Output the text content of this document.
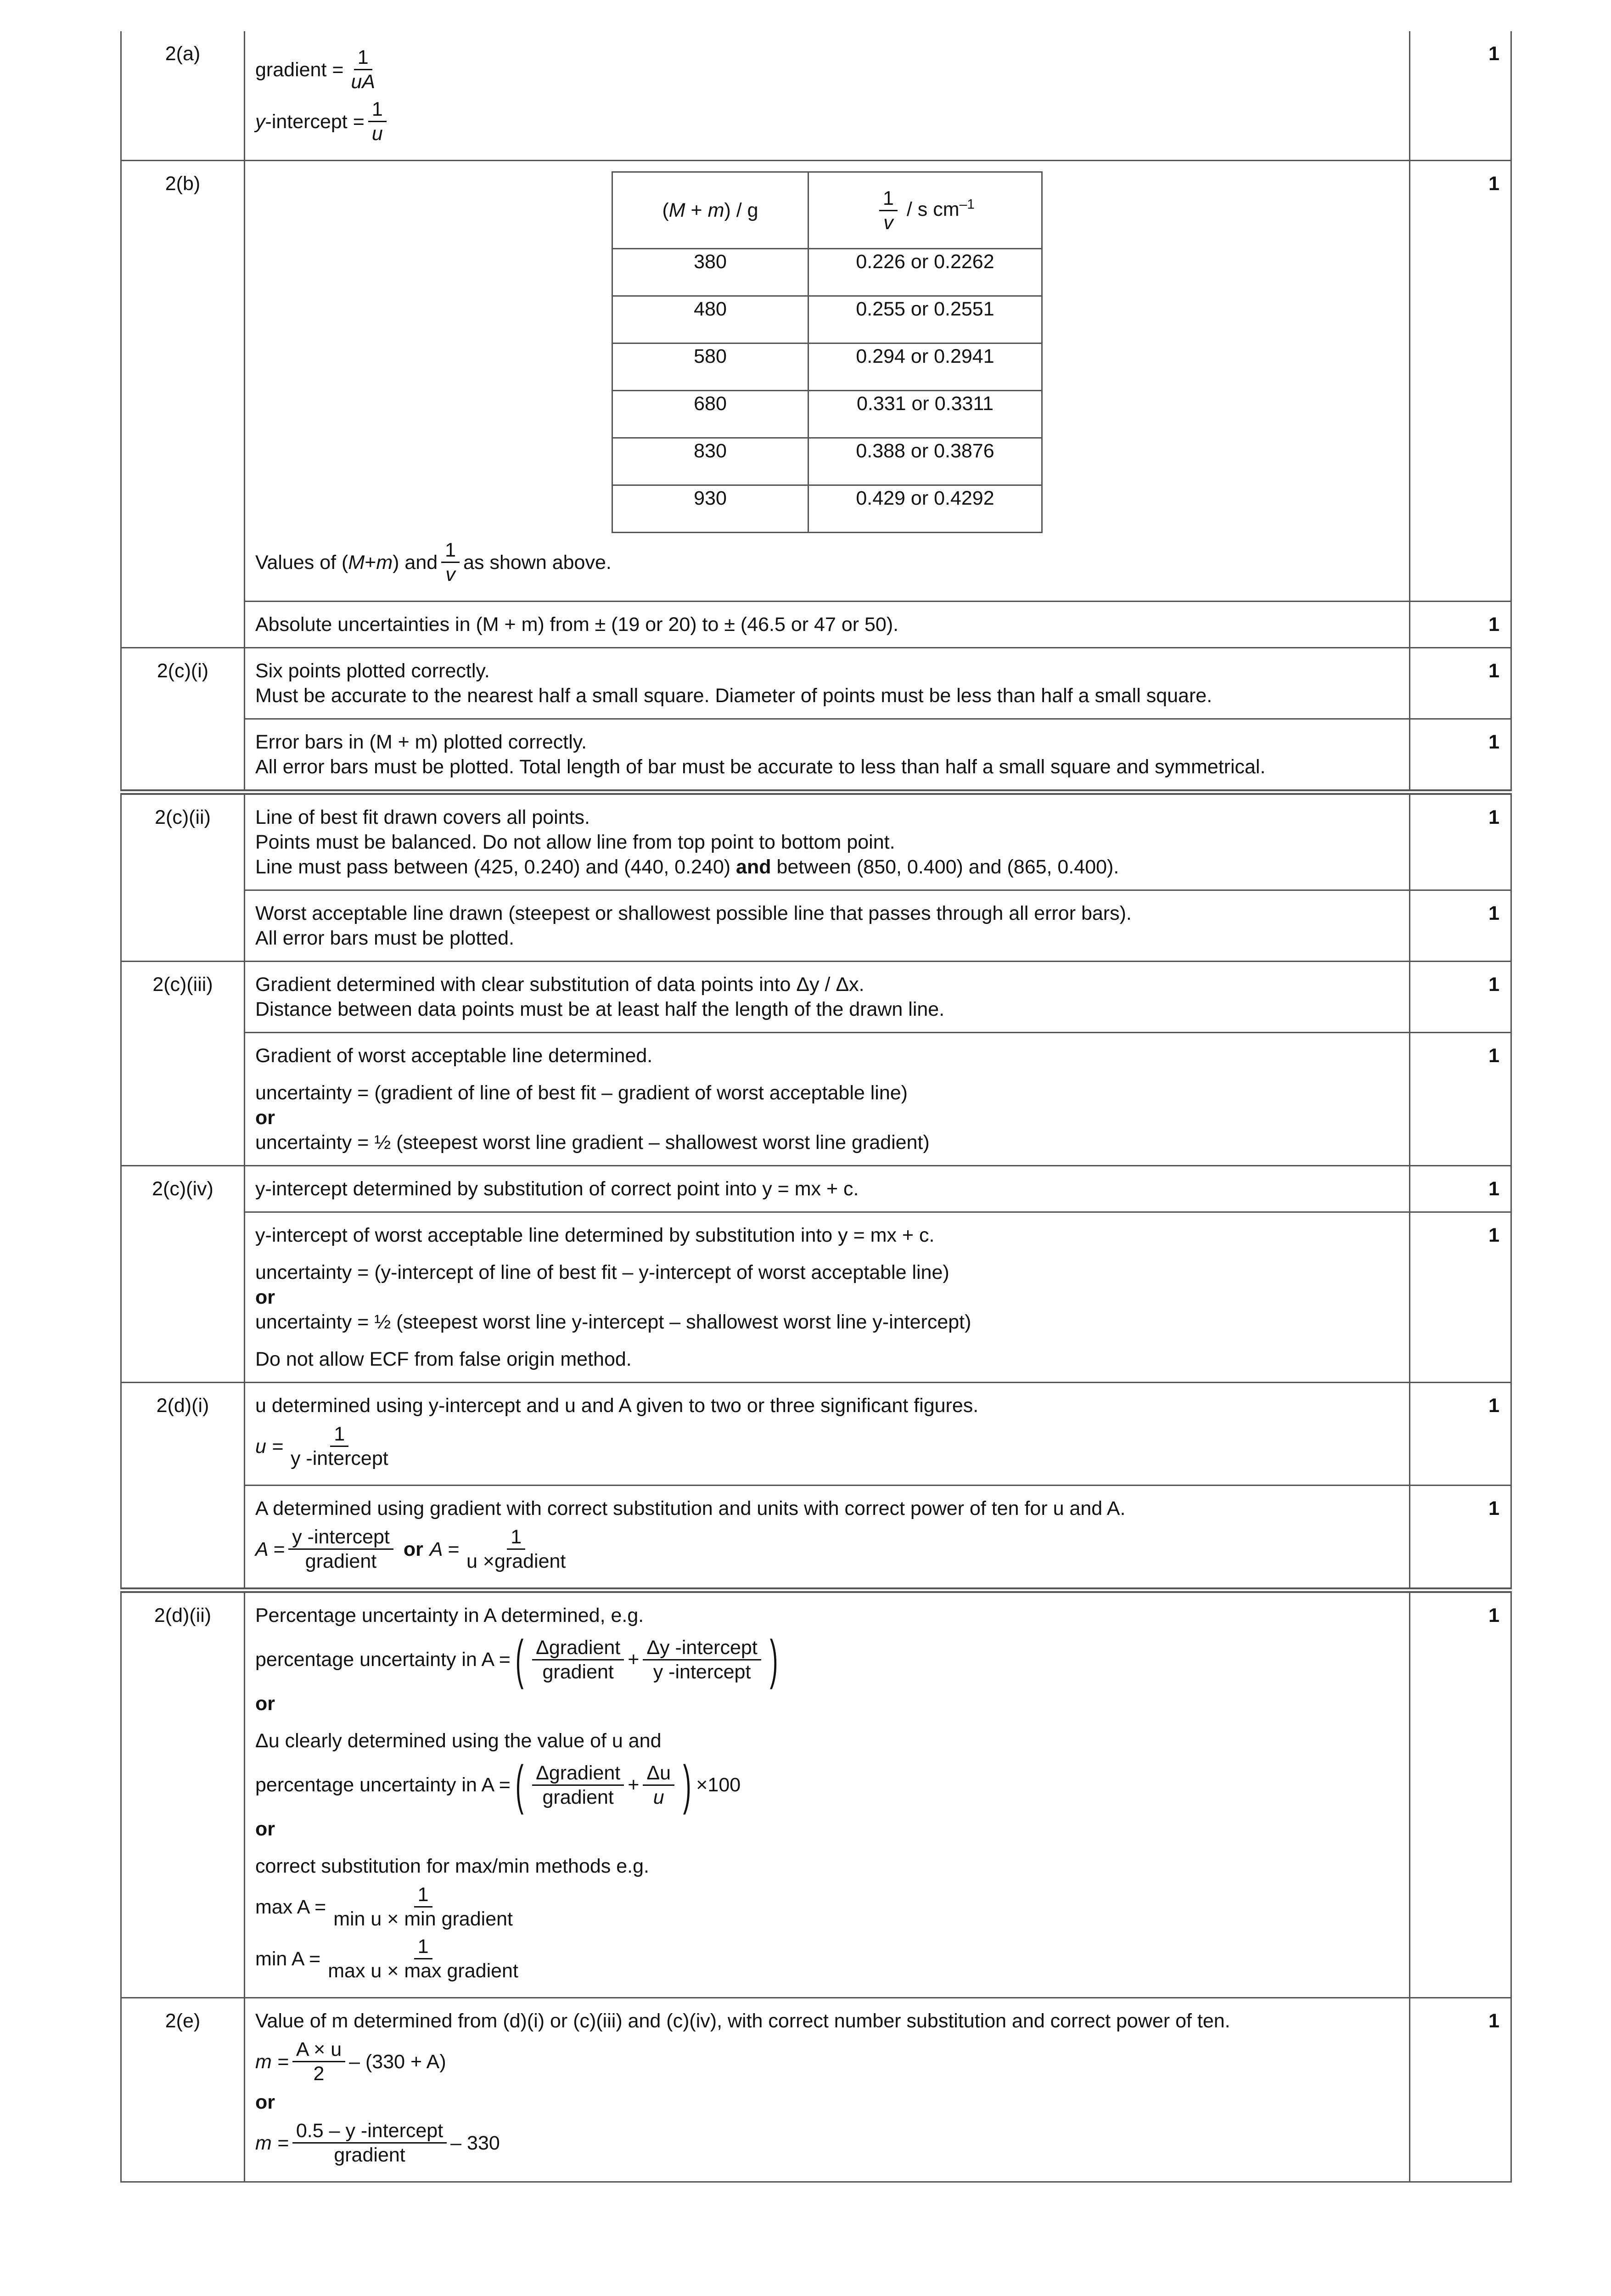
2(a)	
gradient = $\frac{1}{uA}$
y -intercept = $\frac{1}{u}$
	1
2(b)	
(M + m) / g	$\frac{1}{v}$ / s $cm^{-1}$
380	0.226 or 0.2262
480	0.255 or 0.2551
580	0.294 or 0.2941
680	0.331 or 0.3311
830	0.388 or 0.3876
930	0.429 or 0.4292
Values of ( M + m ) and $\frac{1}{v}$ as shown above.
	1
Absolute uncertainties in (M + m) from ± (19 or 20) to ± (46.5 or 47 or 50).	1
2(c)(i)	Six points plotted correctly.
Must be accurate to the nearest half a small square. Diameter of points must be less than half a small square.
	1

Error bars in (M + m) plotted correctly.
All error bars must be plotted. Total length of bar must be accurate to less than half a small square and symmetrical.
	1
2(c)(ii)	Line of best fit drawn covers all points.
Points must be balanced. Do not allow line from top point to bottom point.
Line must pass between (425, 0.240) and (440, 0.240) and between (850, 0.400) and (865, 0.400).
	1

Worst acceptable line drawn (steepest or shallowest possible line that passes through all error bars).
All error bars must be plotted.
	1
2(c)(iii)	Gradient determined with clear substitution of data points into Δy / Δx.
Distance between data points must be at least half the length of the drawn line.
	1

Gradient of worst acceptable line determined.
uncertainty = (gradient of line of best fit – gradient of worst acceptable line)
or
uncertainty = ½ (steepest worst line gradient – shallowest worst line gradient)
	1
2(c)(iv)	y-intercept determined by substitution of correct point into y = mx + c.	1

y-intercept of worst acceptable line determined by substitution into y = mx + c.
uncertainty = (y-intercept of line of best fit – y-intercept of worst acceptable line)
or
uncertainty = ½ (steepest worst line y-intercept – shallowest worst line y-intercept)
Do not allow ECF from false origin method.
	1
2(d)(i)	u determined using y-intercept and u and A given to two or three significant figures.
$u = \frac{1}{\text{y -intercept}}$
	1

A determined using gradient with correct substitution and units with correct power of ten for u and A.
$A = \frac{\text{y -intercept}}{\text{gradient}}$ or $A = \frac{1}{\text{u ×gradient}}$
	1
2(d)(ii)	Percentage uncertainty in A determined, e.g.
percentage uncertainty in A = ( $\frac{\text{Δgradient}}{\text{gradient}} + \frac{\text{Δy -intercept}}{\text{y -intercept}}$ )
or
Δu clearly determined using the value of u and
percentage uncertainty in A = ( $\frac{\text{Δgradient}}{\text{gradient}} + \frac{\Delta u}{u}$ ) ×100
or
correct substitution for max/min methods e.g.
$\max A = \frac{1}{\text{min u × min gradient}}$
$\min A = \frac{1}{\text{max u × max gradient}}$
	1
2(e)	Value of m determined from (d)(i) or (c)(iii) and (c)(iv), with correct number substitution and correct power of ten.
$m = \frac{A \times u}{2} - (330 + A)$
or
$m = \frac{\text{0.5 – y -intercept}}{\text{gradient}} - 330$
	1
